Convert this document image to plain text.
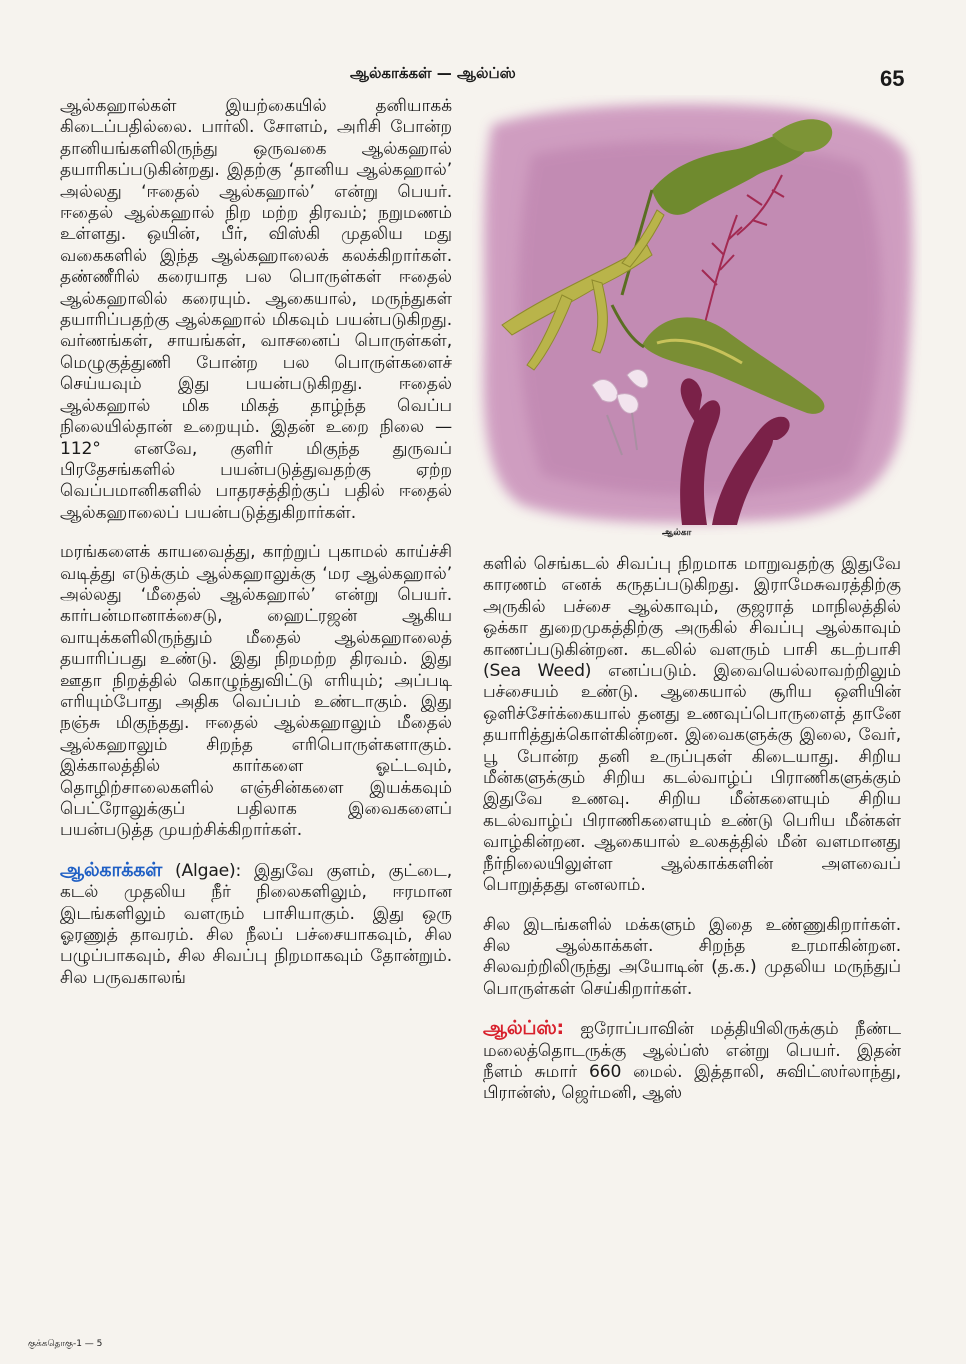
ஆல்காக்கள் — ஆல்ப்ஸ்	65

ஆல்கஹால்கள் இயற்கையில் தனியாகக் கிடைப்பதில்லை. பார்லி. சோளம், அரிசி போன்ற தானியங்களிலிருந்து ஒருவகை ஆல்கஹால் தயாரிகப்படுகின்றது. இதற்கு ‘தானிய ஆல்கஹால்’ அல்லது ‘ஈதைல் ஆல்கஹால்’ என்று பெயர். ஈதைல் ஆல்கஹால் நிற மற்ற திரவம்; நறுமணம் உள்ளது. ஒயின், பீர், விஸ்கி முதலிய மது வகைகளில் இந்த ஆல்கஹாலைக் கலக்கிறார்கள். தண்ணீரில் கரையாத பல பொருள்கள் ஈதைல் ஆல்கஹாலில் கரையும். ஆகையால், மருந்துகள் தயாரிப்பதற்கு ஆல்கஹால் மிகவும் பயன்படுகிறது. வர்ணங்கள், சாயங்கள், வாசனைப் பொருள்கள், மெழுகுத்துணி போன்ற பல பொருள்களைச் செய்யவும் இது பயன்படுகிறது. ஈதைல் ஆல்கஹால் மிக மிகத் தாழ்ந்த வெப்ப நிலையில்தான் உறையும். இதன் உறை நிலை —112° எனவே, குளிர் மிகுந்த துருவப் பிரதேசங்களில் பயன்படுத்துவதற்கு ஏற்ற வெப்பமானிகளில் பாதரசத்திற்குப் பதில் ஈதைல் ஆல்கஹாலைப் பயன்படுத்துகிறார்கள்.

மரங்களைக் காயவைத்து, காற்றுப் புகாமல் காய்ச்சி வடித்து எடுக்கும் ஆல்கஹாலுக்கு ‘மர ஆல்கஹால்’ அல்லது ‘மீதைல் ஆல்கஹால்’ என்று பெயர். கார்பன்மானாக்சைடு, ஹைட்ரஜன் ஆகிய வாயுக்களிலிருந்தும் மீதைல் ஆல்கஹாலைத் தயாரிப்பது உண்டு. இது நிறமற்ற திரவம். இது ஊதா நிறத்தில் கொழுந்துவிட்டு எரியும்; அப்படி எரியும்போது அதிக வெப்பம் உண்டாகும். இது நஞ்சு மிகுந்தது. ஈதைல் ஆல்கஹாலும் மீதைல் ஆல்கஹாலும் சிறந்த எரிபொருள்களாகும். இக்காலத்தில் கார்களை ஓட்டவும், தொழிற்சாலைகளில் எஞ்சின்களை இயக்கவும் பெட்ரோலுக்குப் பதிலாக இவைகளைப் பயன்படுத்த முயற்சிக்கிறார்கள்.

ஆல்காக்கள் (Algae): இதுவே குளம், குட்டை, கடல் முதலிய நீர் நிலைகளிலும், ஈரமான இடங்களிலும் வளரும் பாசியாகும். இது ஒரு ஓரணுத் தாவரம். சில நீலப் பச்சையாகவும், சில பழுப்பாகவும், சில சிவப்பு நிறமாகவும் தோன்றும். சில பருவகாலங்

ஆல்கா

களில் செங்கடல் சிவப்பு நிறமாக மாறுவதற்கு இதுவே காரணம் எனக் கருதப்படுகிறது. இராமேசுவரத்திற்கு அருகில் பச்சை ஆல்காவும், குஜராத் மாநிலத்தில் ஒக்கா துறைமுகத்திற்கு அருகில் சிவப்பு ஆல்காவும் காணப்படுகின்றன. கடலில் வளரும் பாசி கடற்பாசி (Sea Weed) எனப்படும். இவையெல்லாவற்றிலும் பச்சையம் உண்டு. ஆகையால் சூரிய ஒளியின் ஒளிச்சேர்க்கையால் தனது உணவுப்பொருளைத் தானே தயாரித்துக்கொள்கின்றன. இவைகளுக்கு இலை, வேர், பூ போன்ற தனி உருப்புகள் கிடையாது. சிறிய மீன்களுக்கும் சிறிய கடல்வாழ்ப் பிராணிகளுக்கும் இதுவே உணவு. சிறிய மீன்களையும் சிறிய கடல்வாழ்ப் பிராணிகளையும் உண்டு பெரிய மீன்கள் வாழ்கின்றன. ஆகையால் உலகத்தில் மீன் வளமானது நீர்நிலையிலுள்ள ஆல்காக்களின் அளவைப் பொறுத்தது எனலாம்.

சில இடங்களில் மக்களும் இதை உண்ணுகிறார்கள். சில ஆல்காக்கள். சிறந்த உரமாகின்றன. சிலவற்றிலிருந்து அயோடின் (த.க.) முதலிய மருந்துப் பொருள்கள் செய்கிறார்கள்.

ஆல்ப்ஸ்: ஐரோப்பாவின் மத்தியிலிருக்கும் நீண்ட மலைத்தொடருக்கு ஆல்ப்ஸ் என்று பெயர். இதன் நீளம் சுமார் 660 மைல். இத்தாலி, சுவிட்ஸர்லாந்து, பிரான்ஸ், ஜெர்மனி, ஆஸ்

குக்கதொகு-1 — 5
